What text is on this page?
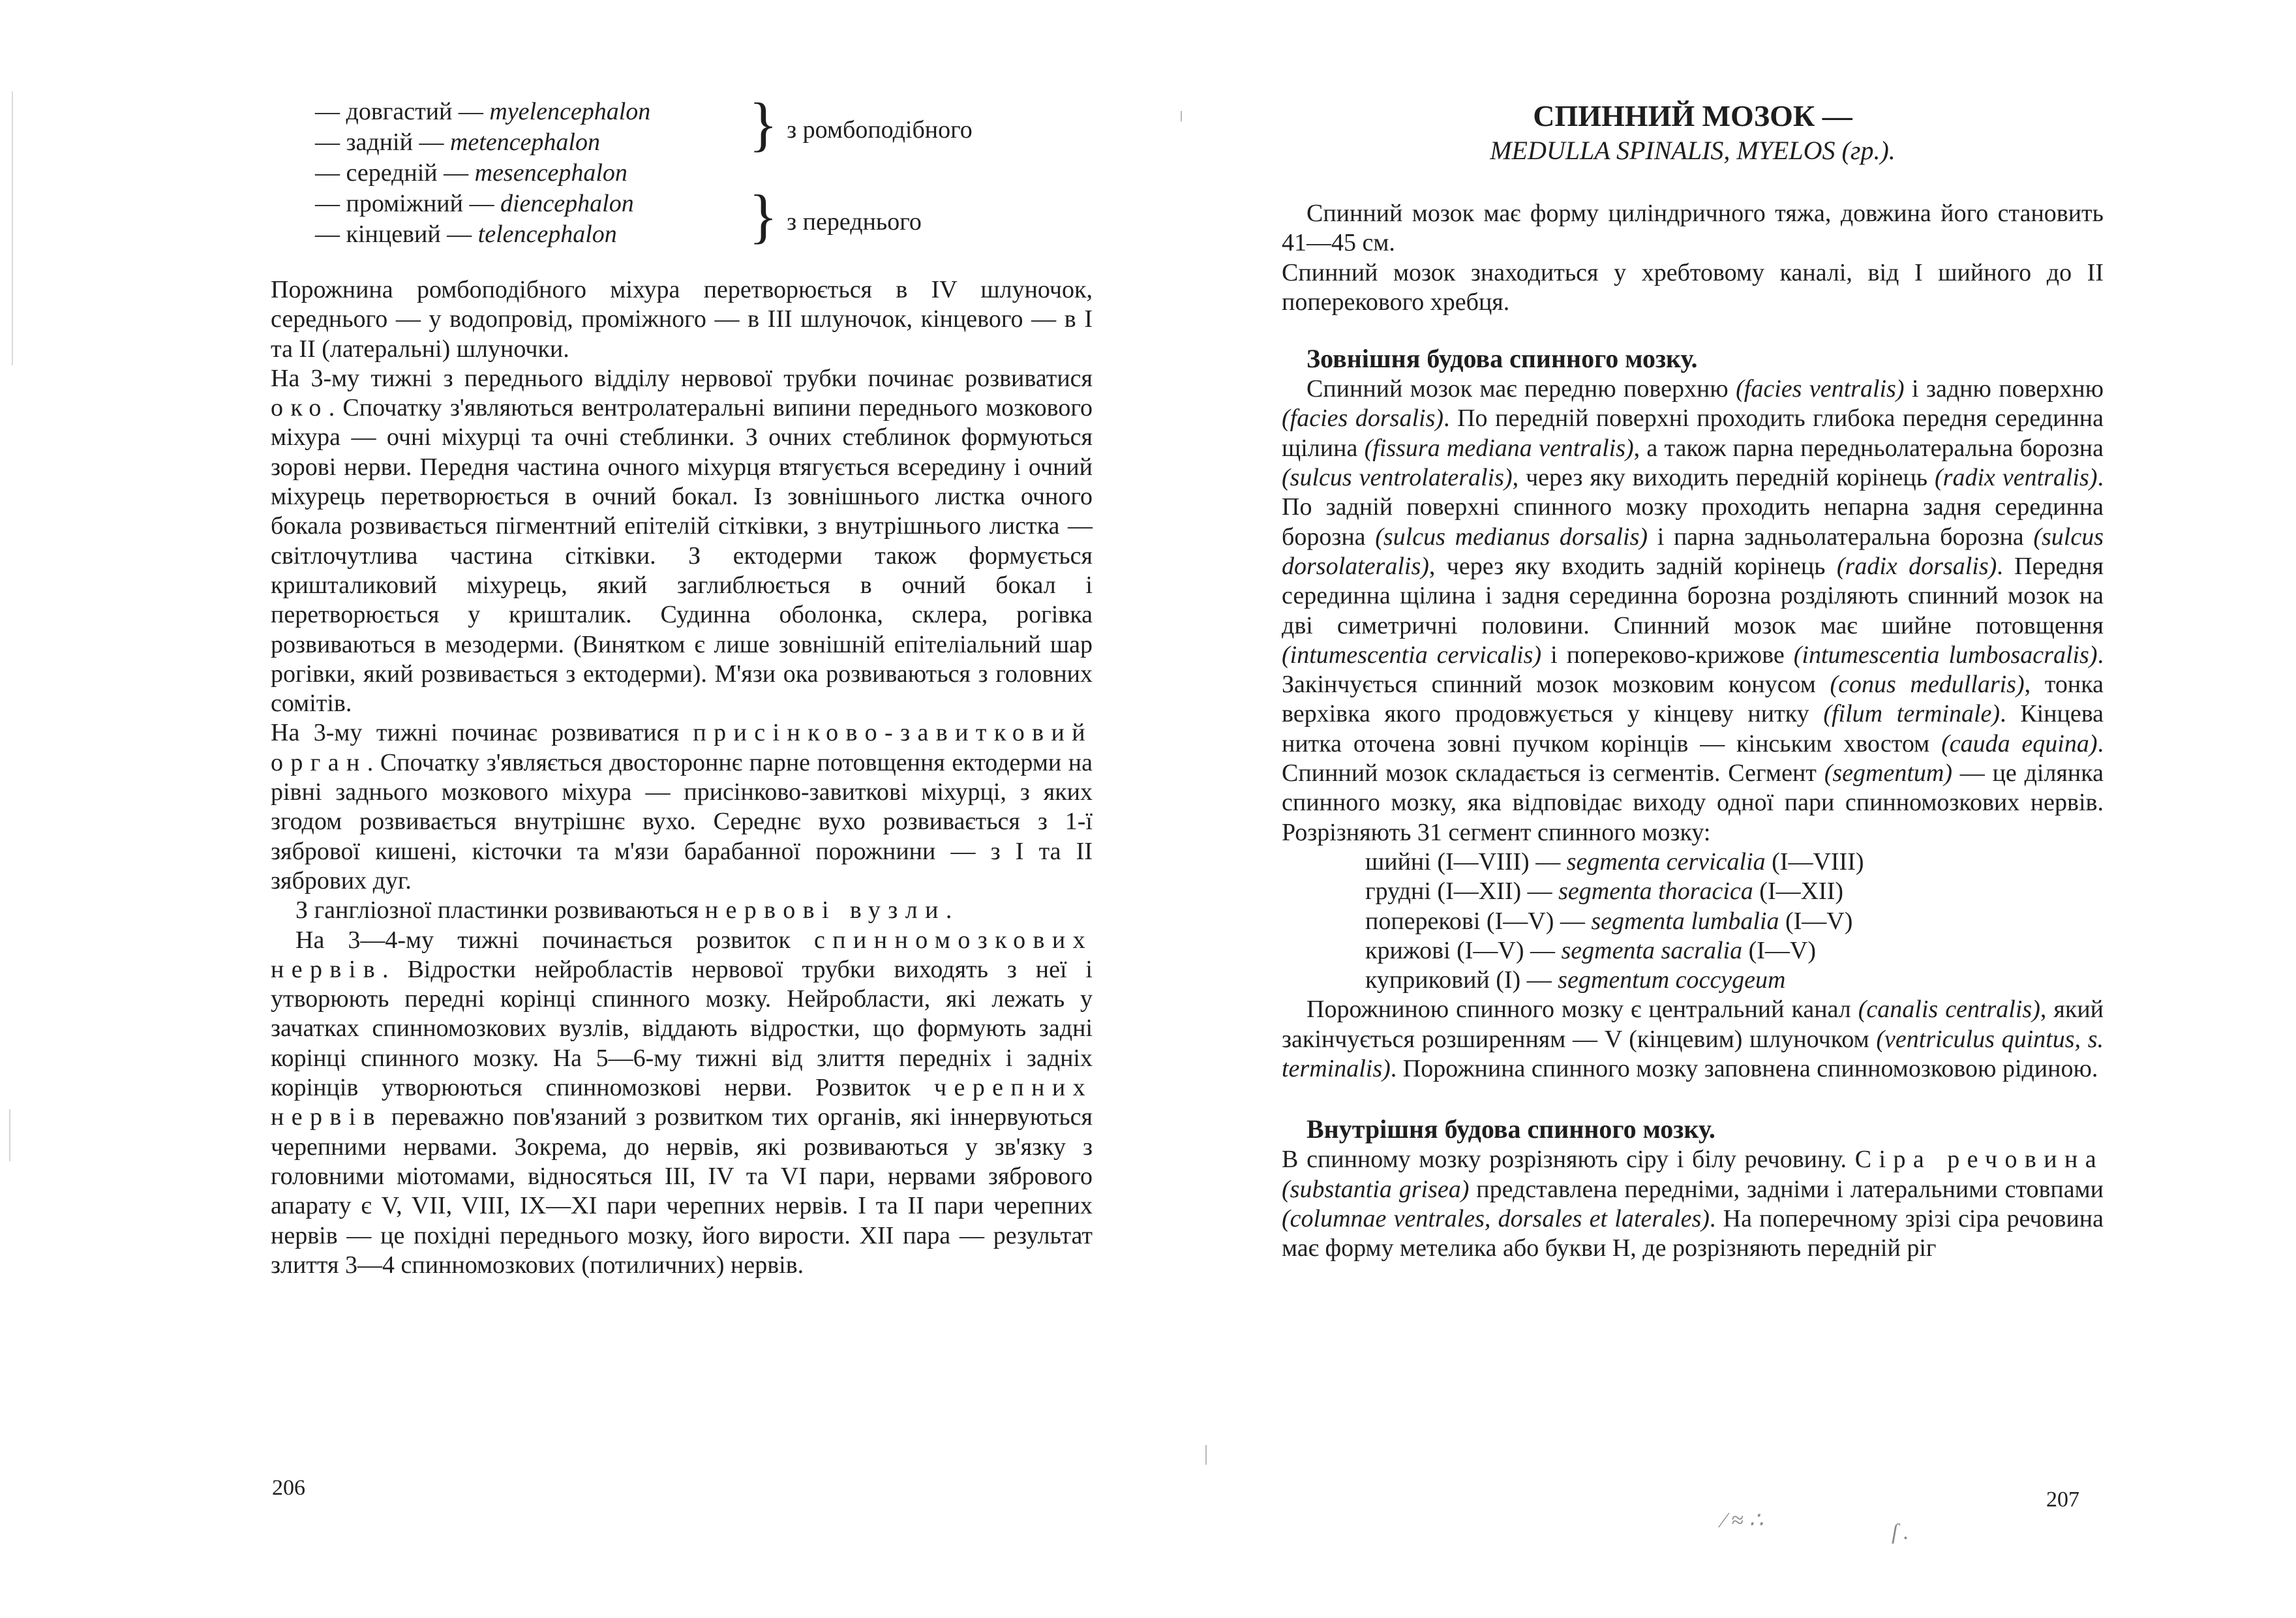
— довгастий — myelencephalon
— задній — metencephalon
— середній — mesencephalon
— проміжний — diencephalon
— кінцевий — telencephalon
} з ромбоподібного
} з переднього

Порожнина ромбоподібного міхура перетворюється в IV шлуночок, середнього — у водопровід, проміжного — в III шлуночок, кінцевого — в I та II (латеральні) шлуночки.

На 3-му тижні з переднього відділу нервової трубки починає розвиватися око. Спочатку з'являються вентролатеральні випини переднього мозкового міхура — очні міхурці та очні стеблинки. З очних стеблинок формуються зорові нерви. Передня частина очного міхурця втягується всередину і очний міхурець перетворюється в очний бокал. Із зовнішнього листка очного бокала розвивається пігментний епітелій сітківки, з внутрішнього листка — світлочутлива частина сітківки. З ектодерми також формується кришталиковий міхурець, який заглиблюється в очний бокал і перетворюється у кришталик. Судинна оболонка, склера, рогівка розвиваються в мезодерми. (Винятком є лише зовнішній епітеліальний шар рогівки, який розвивається з ектодерми). М'язи ока розвиваються з головних сомітів.

На 3-му тижні починає розвиватися присінково-завитковий орган. Спочатку з'являється двостороннє парне потовщення ектодерми на рівні заднього мозкового міхура — присінково-завиткові міхурці, з яких згодом розвивається внутрішнє вухо. Середнє вухо розвивається з 1-ї зябрової кишені, кісточки та м'язи барабанної порожнини — з I та II зябрових дуг.

З гангліозної пластинки розвиваються нервові вузли.

На 3—4-му тижні починається розвиток спинномозкових нервів. Відростки нейробластів нервової трубки виходять з неї і утворюють передні корінці спинного мозку. Нейробласти, які лежать у зачатках спинномозкових вузлів, віддають відростки, що формують задні корінці спинного мозку. На 5—6-му тижні від злиття передніх і задніх корінців утворюються спинномозкові нерви. Розвиток черепних нервів переважно пов'язаний з розвитком тих органів, які іннервуються черепними нервами. Зокрема, до нервів, які розвиваються у зв'язку з головними міотомами, відносяться III, IV та VI пари, нервами зябрового апарату є V, VII, VIII, IX—XI пари черепних нервів. I та II пари черепних нервів — це похідні переднього мозку, його вирости. XII пара — результат злиття 3—4 спинномозкових (потиличних) нервів.

206

СПИННИЙ МОЗОК —

MEDULLA SPINALIS, MYELOS (гр.).

Спинний мозок має форму циліндричного тяжа, довжина його становить 41—45 см.

Спинний мозок знаходиться у хребтовому каналі, від I шийного до II поперекового хребця.

Зовнішня будова спинного мозку.

Спинний мозок має передню поверхню (facies ventralis) і задню поверхню (facies dorsalis). По передній поверхні проходить глибока передня серединна щілина (fissura mediana ventralis), а також парна передньолатеральна борозна (sulcus ventrolateralis), через яку виходить передній корінець (radix ventralis). По задній поверхні спинного мозку проходить непарна задня серединна борозна (sulcus medianus dorsalis) і парна задньолатеральна борозна (sulcus dorsolateralis), через яку входить задній корінець (radix dorsalis). Передня серединна щілина і задня серединна борозна розділяють спинний мозок на дві симетричні половини. Спинний мозок має шийне потовщення (intumescentia cervicalis) і попереково-крижове (intumescentia lumbosacralis). Закінчується спинний мозок мозковим конусом (conus medullaris), тонка верхівка якого продовжується у кінцеву нитку (filum terminale). Кінцева нитка оточена зовні пучком корінців — кінським хвостом (cauda equina). Спинний мозок складається із сегментів. Сегмент (segmentum) — це ділянка спинного мозку, яка відповідає виходу одної пари спинномозкових нервів. Розрізняють 31 сегмент спинного мозку:

шийні (I—VIII) — segmenta cervicalia (I—VIII)
грудні (I—XII) — segmenta thoracica (I—XII)
поперекові (I—V) — segmenta lumbalia (I—V)
крижові (I—V) — segmenta sacralia (I—V)
куприковий (I) — segmentum coccygeum

Порожниною спинного мозку є центральний канал (canalis centralis), який закінчується розширенням — V (кінцевим) шлуночком (ventriculus quintus, s. terminalis). Порожнина спинного мозку заповнена спинномозковою рідиною.

Внутрішня будова спинного мозку.

В спинному мозку розрізняють сіру і білу речовину. Сіра речовина (substantia grisea) представлена передніми, задніми і латеральними стовпами (columnae ventrales, dorsales et laterales). На поперечному зрізі сіра речовина має форму метелика або букви Н, де розрізняють передній ріг

207
⁄ ≈ ∴	ſ .
